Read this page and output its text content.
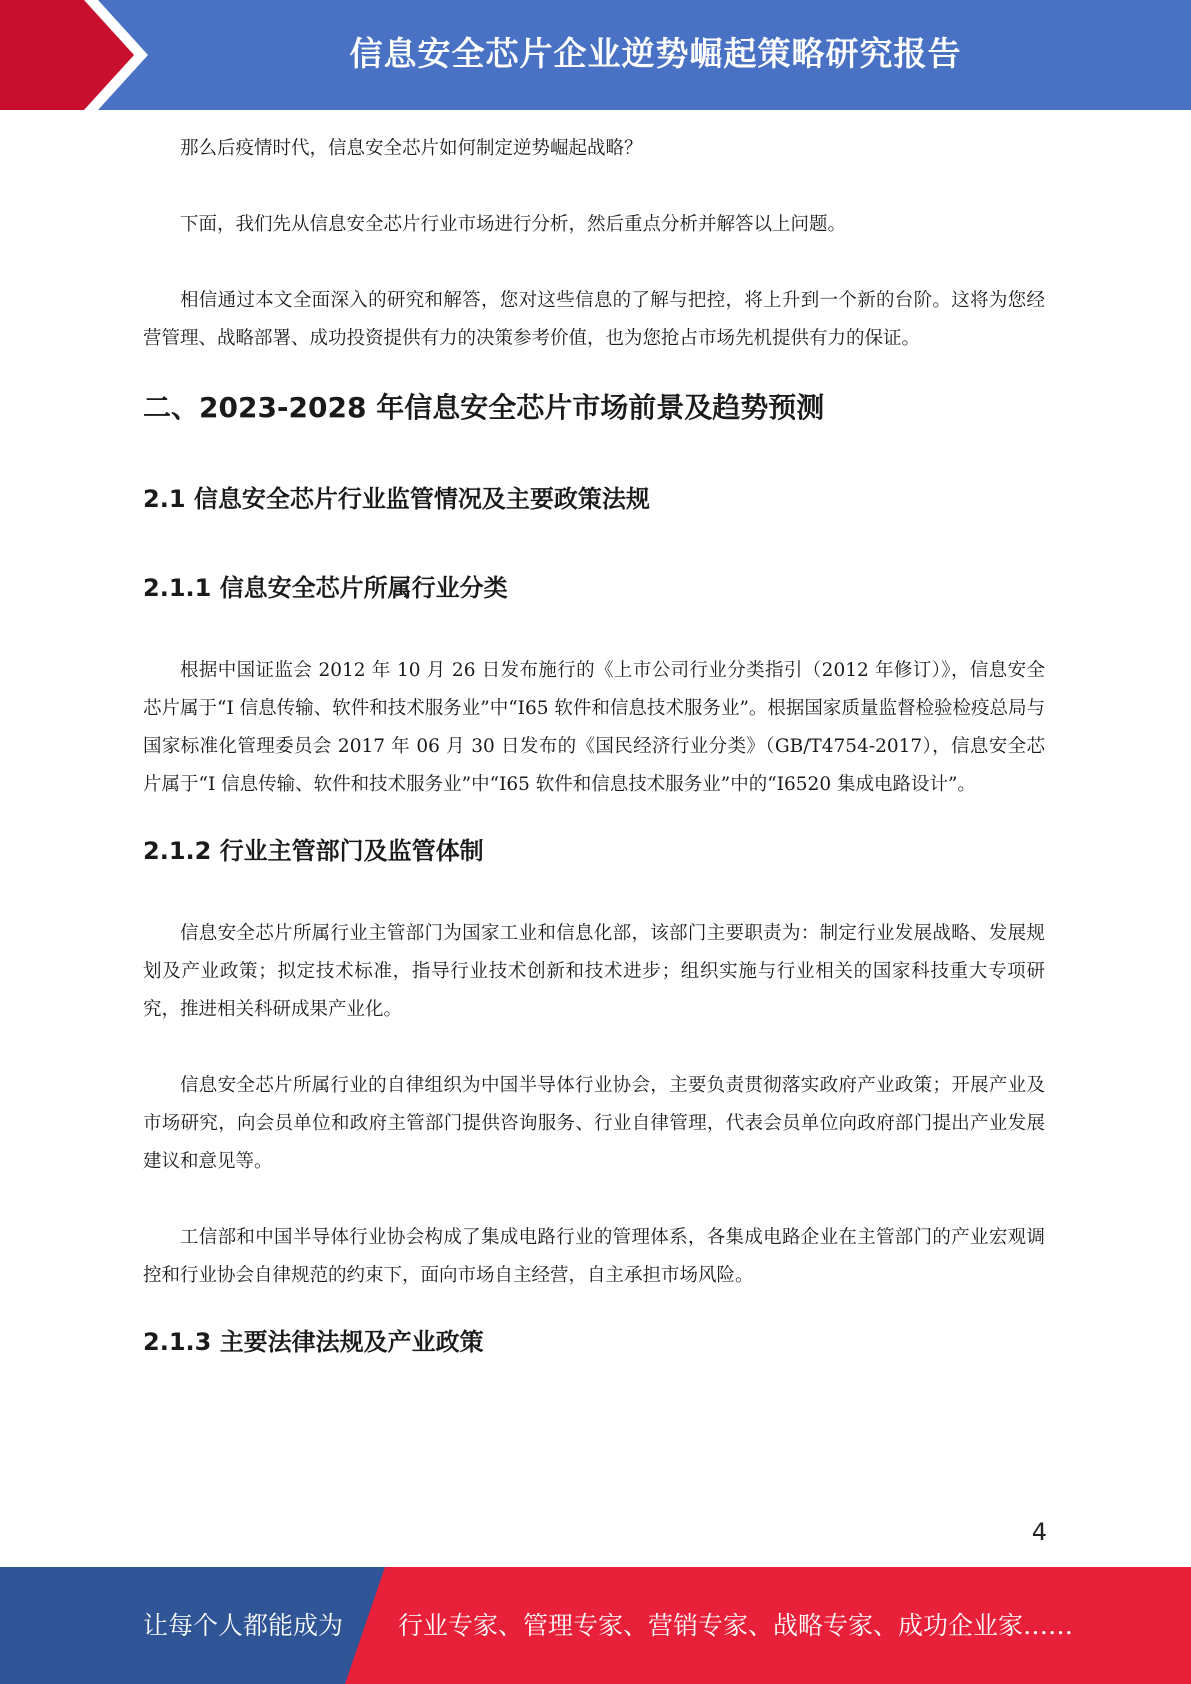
信息安全芯片企业逆势崛起策略研究报告

那么后疫情时代，信息安全芯片如何制定逆势崛起战略？

下面，我们先从信息安全芯片行业市场进行分析，然后重点分析并解答以上问题。

相信通过本文全面深入的研究和解答，您对这些信息的了解与把控，将上升到一个新的台阶。这将为您经营管理、战略部署、成功投资提供有力的决策参考价值，也为您抢占市场先机提供有力的保证。

二、2023-2028 年信息安全芯片市场前景及趋势预测
2.1 信息安全芯片行业监管情况及主要政策法规
2.1.1 信息安全芯片所属行业分类

根据中国证监会 2012 年 10 月 26 日发布施行的《上市公司行业分类指引（2012 年修订）》，信息安全芯片属于“I 信息传输、软件和技术服务业”中“I65 软件和信息技术服务业”。根据国家质量监督检验检疫总局与国家标准化管理委员会 2017 年 06 月 30 日发布的《国民经济行业分类》（GB/T4754-2017），信息安全芯片属于“I 信息传输、软件和技术服务业”中“I65 软件和信息技术服务业”中的“I6520 集成电路设计”。

2.1.2 行业主管部门及监管体制

信息安全芯片所属行业主管部门为国家工业和信息化部，该部门主要职责为：制定行业发展战略、发展规划及产业政策；拟定技术标准，指导行业技术创新和技术进步；组织实施与行业相关的国家科技重大专项研究，推进相关科研成果产业化。

信息安全芯片所属行业的自律组织为中国半导体行业协会，主要负责贯彻落实政府产业政策；开展产业及市场研究，向会员单位和政府主管部门提供咨询服务、行业自律管理，代表会员单位向政府部门提出产业发展建议和意见等。

工信部和中国半导体行业协会构成了集成电路行业的管理体系，各集成电路企业在主管部门的产业宏观调控和行业协会自律规范的约束下，面向市场自主经营，自主承担市场风险。

2.1.3 主要法律法规及产业政策
4
让每个人都能成为 行业专家、管理专家、营销专家、战略专家、成功企业家……
